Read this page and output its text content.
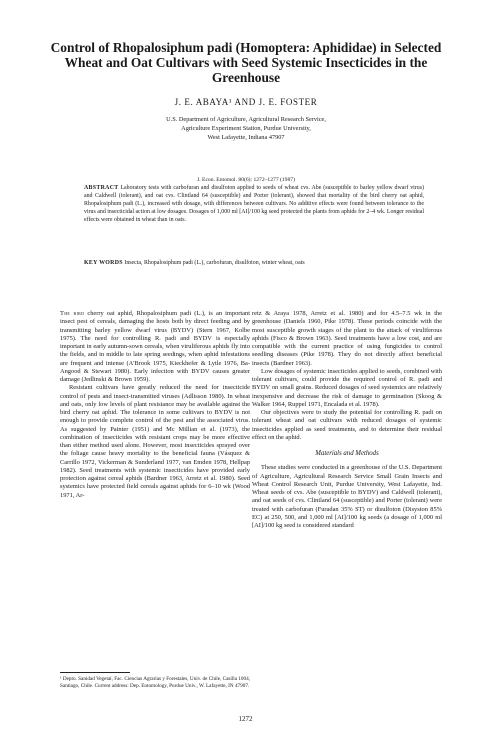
Control of Rhopalosiphum padi (Homoptera: Aphididae) in Selected Wheat and Oat Cultivars with Seed Systemic Insecticides in the Greenhouse
J. E. ABAYA¹ AND J. E. FOSTER
U.S. Department of Agriculture, Agricultural Research Service,
Agriculture Experiment Station, Purdue University,
West Lafayette, Indiana 47907
J. Econ. Entomol. 80(6): 1272–1277 (1987)
ABSTRACT Laboratory tests with carbofuran and disulfoton applied to seeds of wheat cvs. Abe (susceptible to barley yellow dwarf virus) and Caldwell (tolerant), and oat cvs. Clintland 64 (susceptible) and Porter (tolerant), showed that mortality of the bird cherry oat aphid, Rhopalosiphum padi (L.), increased with dosage, with differences between cultivars. No additive effects were found between tolerance to the virus and insecticidal action at low dosages. Dosages of 1,000 ml [AI]/100 kg seed protected the plants from aphids for 2–4 wk. Longer residual effects were obtained in wheat than in oats.
KEY WORDS Insecta, Rhopalosiphum padi (L.), carbofuran, disulfoton, winter wheat, oats

The bird cherry oat aphid, Rhopalosiphum padi (L.), is an important insect pest of cereals, damaging the hosts both by direct feeding and by transmitting barley yellow dwarf virus (BYDV) (Stern 1967, Kolbe 1975). The need for controlling R. padi and BYDV is especially important in early autumn-sown cereals, when viruliferous aphids fly into the fields, and in middle to late spring seedings, when aphid infestations are frequent and intense (A'Brook 1975, Kieckhefer & Lytle 1976, Ba-Angood & Stewart 1980). Early infection with BYDV causes greater damage (Jedlinski & Brown 1959).

Resistant cultivars have greatly reduced the need for insecticide control of pests and insect-transmitted viruses (Adlisson 1980). In wheat and oats, only low levels of plant resistance may be available against the bird cherry oat aphid. The tolerance in some cultivars to BYDV is not enough to provide complete control of the pest and the associated virus. As suggested by Painter (1951) and Mc Millian et al. (1973), the combination of insecticides with resistant crops may be more effective than either method used alone. However, most insecticides sprayed over the foliage cause heavy mortality to the beneficial fauna (Vásquez & Carrillo 1972, Vickerman & Sunderland 1977, van Emden 1978, Hellpap 1982). Seed treatments with systemic insecticides have provided early protection against cereal aphids (Bardner 1963, Arretz et al. 1980). Seed systemics have protected field cereals against aphids for 6–10 wk (Wood 1971, Ar-

retz & Araya 1978, Arretz et al. 1980) and for 4.5–7.5 wk in the greenhouse (Daniels 1960, Pike 1978). These periods coincide with the most susceptible growth stages of the plant to the attack of viruliferous aphids (Fisco & Brown 1963). Seed treatments have a low cost, and are compatible with the current practice of using fungicides to control seedling diseases (Pike 1978). They do not directly affect beneficial insects (Bardner 1963).

Low dosages of systemic insecticides applied to seeds, combined with tolerant cultivars, could provide the required control of R. padi and BYDV on small grains. Reduced dosages of seed systemics are relatively inexpensive and decrease the risk of damage to germination (Skoog & Walker 1964, Ruppel 1971, Encalada et al. 1978).

Our objectives were to study the potential for controlling R. padi on tolerant wheat and oat cultivars with reduced dosages of systemic insecticides applied as seed treatments, and to determine their residual effect on the aphid.

Materials and Methods

These studies were conducted in a greenhouse of the U.S. Department of Agriculture, Agricultural Research Service Small Grain Insects and Wheat Control Research Unit, Purdue University, West Lafayette, Ind. Wheat seeds of cvs. Abe (susceptible to BYDV) and Caldwell (tolerant), and oat seeds of cvs. Clintland 64 (susceptible) and Porter (tolerant) were treated with carbofuran (Furadan 35% ST) or disulfoton (Disyston 85% EC) at 250, 500, and 1,000 ml [AI]/100 kg seeds (a dosage of 1,000 ml [AI]/100 kg seed is considered standard

¹ Depto. Sanidad Vegetal, Fac. Ciencias Agrarias y Forestales, Univ. de Chile, Casilla 1004, Santiago, Chile. Current address: Dep. Entomology, Purdue Univ., W. Lafayette, IN 47907.
1272
